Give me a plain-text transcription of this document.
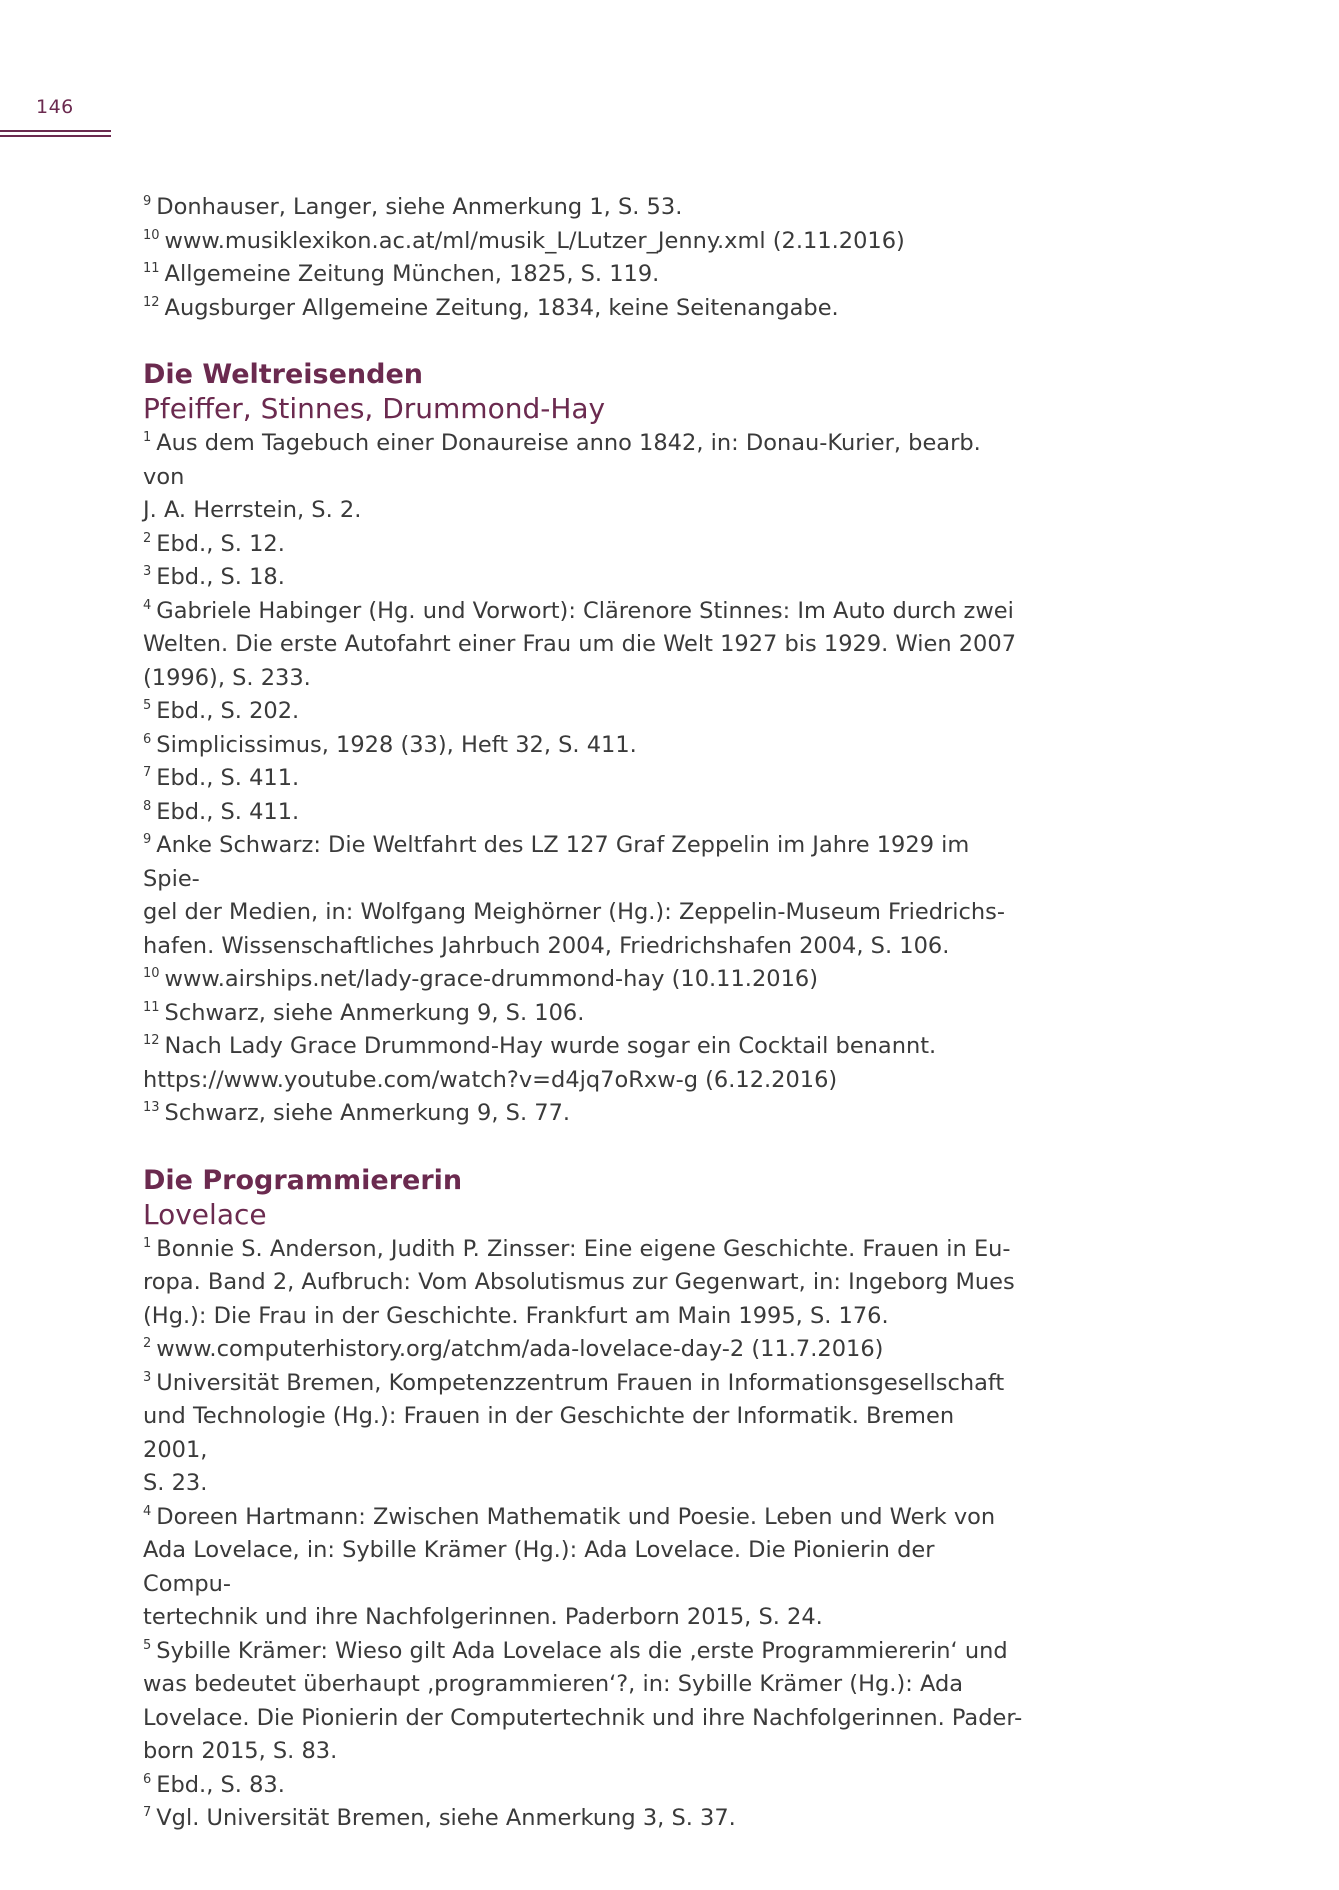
146

$^9$ Donhauser, Langer, siehe Anmerkung 1, S. 53.

$^{10}$ www.musiklexikon.ac.at/ml/musik_L/Lutzer_Jenny.xml (2.11.2016)

$^{11}$ Allgemeine Zeitung München, 1825, S. 119.

$^{12}$ Augsburger Allgemeine Zeitung, 1834, keine Seitenangabe.

Die Weltreisenden
Pfeiffer, Stinnes, Drummond-Hay

$^1$ Aus dem Tagebuch einer Donaureise anno 1842, in: Donau-Kurier, bearb. von
J. A. Herrstein, S. 2.

$^2$ Ebd., S. 12.

$^3$ Ebd., S. 18.

$^4$ Gabriele Habinger (Hg. und Vorwort): Clärenore Stinnes: Im Auto durch zwei
Welten. Die erste Autofahrt einer Frau um die Welt 1927 bis 1929. Wien 2007
(1996), S. 233.

$^5$ Ebd., S. 202.

$^6$ Simplicissimus, 1928 (33), Heft 32, S. 411.

$^7$ Ebd., S. 411.

$^8$ Ebd., S. 411.

$^9$ Anke Schwarz: Die Weltfahrt des LZ 127 Graf Zeppelin im Jahre 1929 im Spie-
gel der Medien, in: Wolfgang Meighörner (Hg.): Zeppelin-Museum Friedrichs-
hafen. Wissenschaftliches Jahrbuch 2004, Friedrichshafen 2004, S. 106.

$^{10}$ www.airships.net/lady-grace-drummond-hay (10.11.2016)

$^{11}$ Schwarz, siehe Anmerkung 9, S. 106.

$^{12}$ Nach Lady Grace Drummond-Hay wurde sogar ein Cocktail benannt.
https://www.youtube.com/watch?v=d4jq7oRxw-g (6.12.2016)

$^{13}$ Schwarz, siehe Anmerkung 9, S. 77.

Die Programmiererin
Lovelace

$^1$ Bonnie S. Anderson, Judith P. Zinsser: Eine eigene Geschichte. Frauen in Eu-
ropa. Band 2, Aufbruch: Vom Absolutismus zur Gegenwart, in: Ingeborg Mues
(Hg.): Die Frau in der Geschichte. Frankfurt am Main 1995, S. 176.

$^2$ www.computerhistory.org/atchm/ada-lovelace-day-2 (11.7.2016)

$^3$ Universität Bremen, Kompetenzzentrum Frauen in Informationsgesellschaft
und Technologie (Hg.): Frauen in der Geschichte der Informatik. Bremen 2001,
S. 23.

$^4$ Doreen Hartmann: Zwischen Mathematik und Poesie. Leben und Werk von
Ada Lovelace, in: Sybille Krämer (Hg.): Ada Lovelace. Die Pionierin der Compu-
tertechnik und ihre Nachfolgerinnen. Paderborn 2015, S. 24.

$^5$ Sybille Krämer: Wieso gilt Ada Lovelace als die ‚erste Programmiererin‘ und
was bedeutet überhaupt ‚programmieren‘?, in: Sybille Krämer (Hg.): Ada
Lovelace. Die Pionierin der Computertechnik und ihre Nachfolgerinnen. Pader-
born 2015, S. 83.

$^6$ Ebd., S. 83.

$^7$ Vgl. Universität Bremen, siehe Anmerkung 3, S. 37.
